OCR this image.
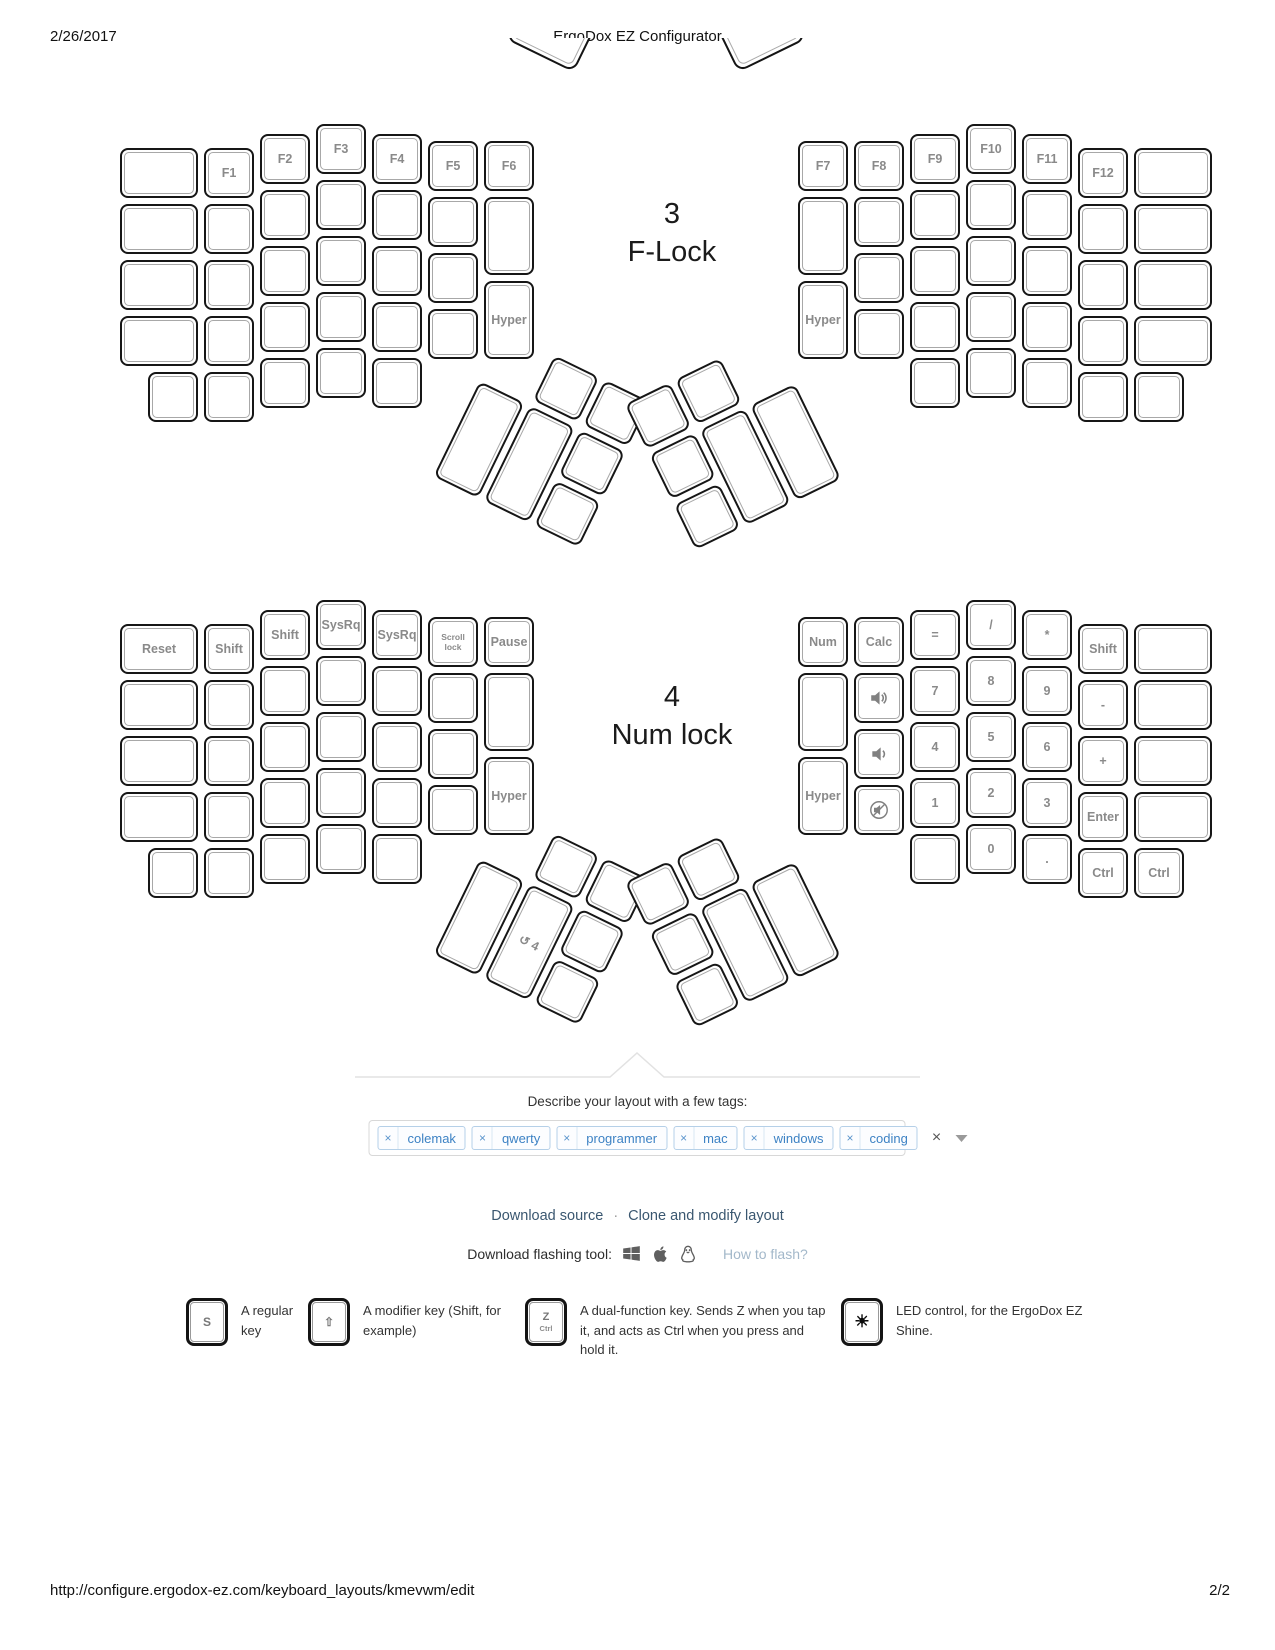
2/26/2017	ErgoDox EZ Configurator
3
F-Lock
F1
F2
F3
F4	F5	F6
Hyper
F7	F8	F9
F10
F11
F12
Hyper
4
Num lock
Reset	Shift
Shift
SysRq
SysRq	Scroll lock	Pause
Hyper
Num	Calc	=
/
*
Shift
7
8
9
-
Hyper
4
5
6
+
1
2
3
Enter
0
.
Ctrl	Ctrl
↺ 4
Describe your layout with a few tags:
×	colemak	×	qwerty	×	programmer	×	mac	×	windows	×	coding	×
Download source · Clone and modify layout
Download flashing tool:	How to flash?
S
A regular key
⇧
A modifier key (Shift, for example)
Z
Ctrl
A dual-function key. Sends Z when you tap it, and acts as Ctrl when you press and hold it.
☀
LED control, for the ErgoDox EZ Shine.
http://configure.ergodox-ez.com/keyboard_layouts/kmevwm/edit	2/2
